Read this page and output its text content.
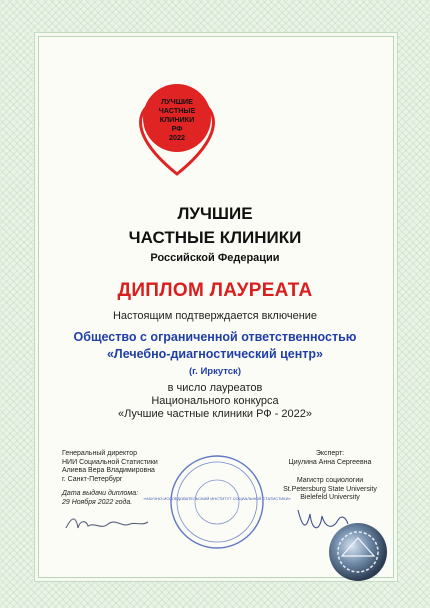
ЛУЧШИЕ
ЧАСТНЫЕ
КЛИНИКИ
РФ
2022
ЛУЧШИЕ
ЧАСТНЫЕ КЛИНИКИ
Российской Федерации
ДИПЛОМ ЛАУРЕАТА
Настоящим подтверждается включение
Общество с ограниченной ответственностью
«Лечебно-диагностический центр»
(г. Иркутск)
в число лауреатов
Национального конкурса
«Лучшие частные клиники РФ - 2022»
Генеральный директор
НИИ Социальной Статистики
Алиева Вера Владимировна
г. Санкт-Петербург
Дата выдачи диплома:
29 Ноября 2022 года.
Эксперт:
Циулина Анна Сергеевна
Магистр социологии
St.Petersburg State University
Bielefeld University
«НАУЧНО-ИССЛЕДОВАТЕЛЬСКИЙ ИНСТИТУТ СОЦИАЛЬНОЙ СТАТИСТИКИ»
